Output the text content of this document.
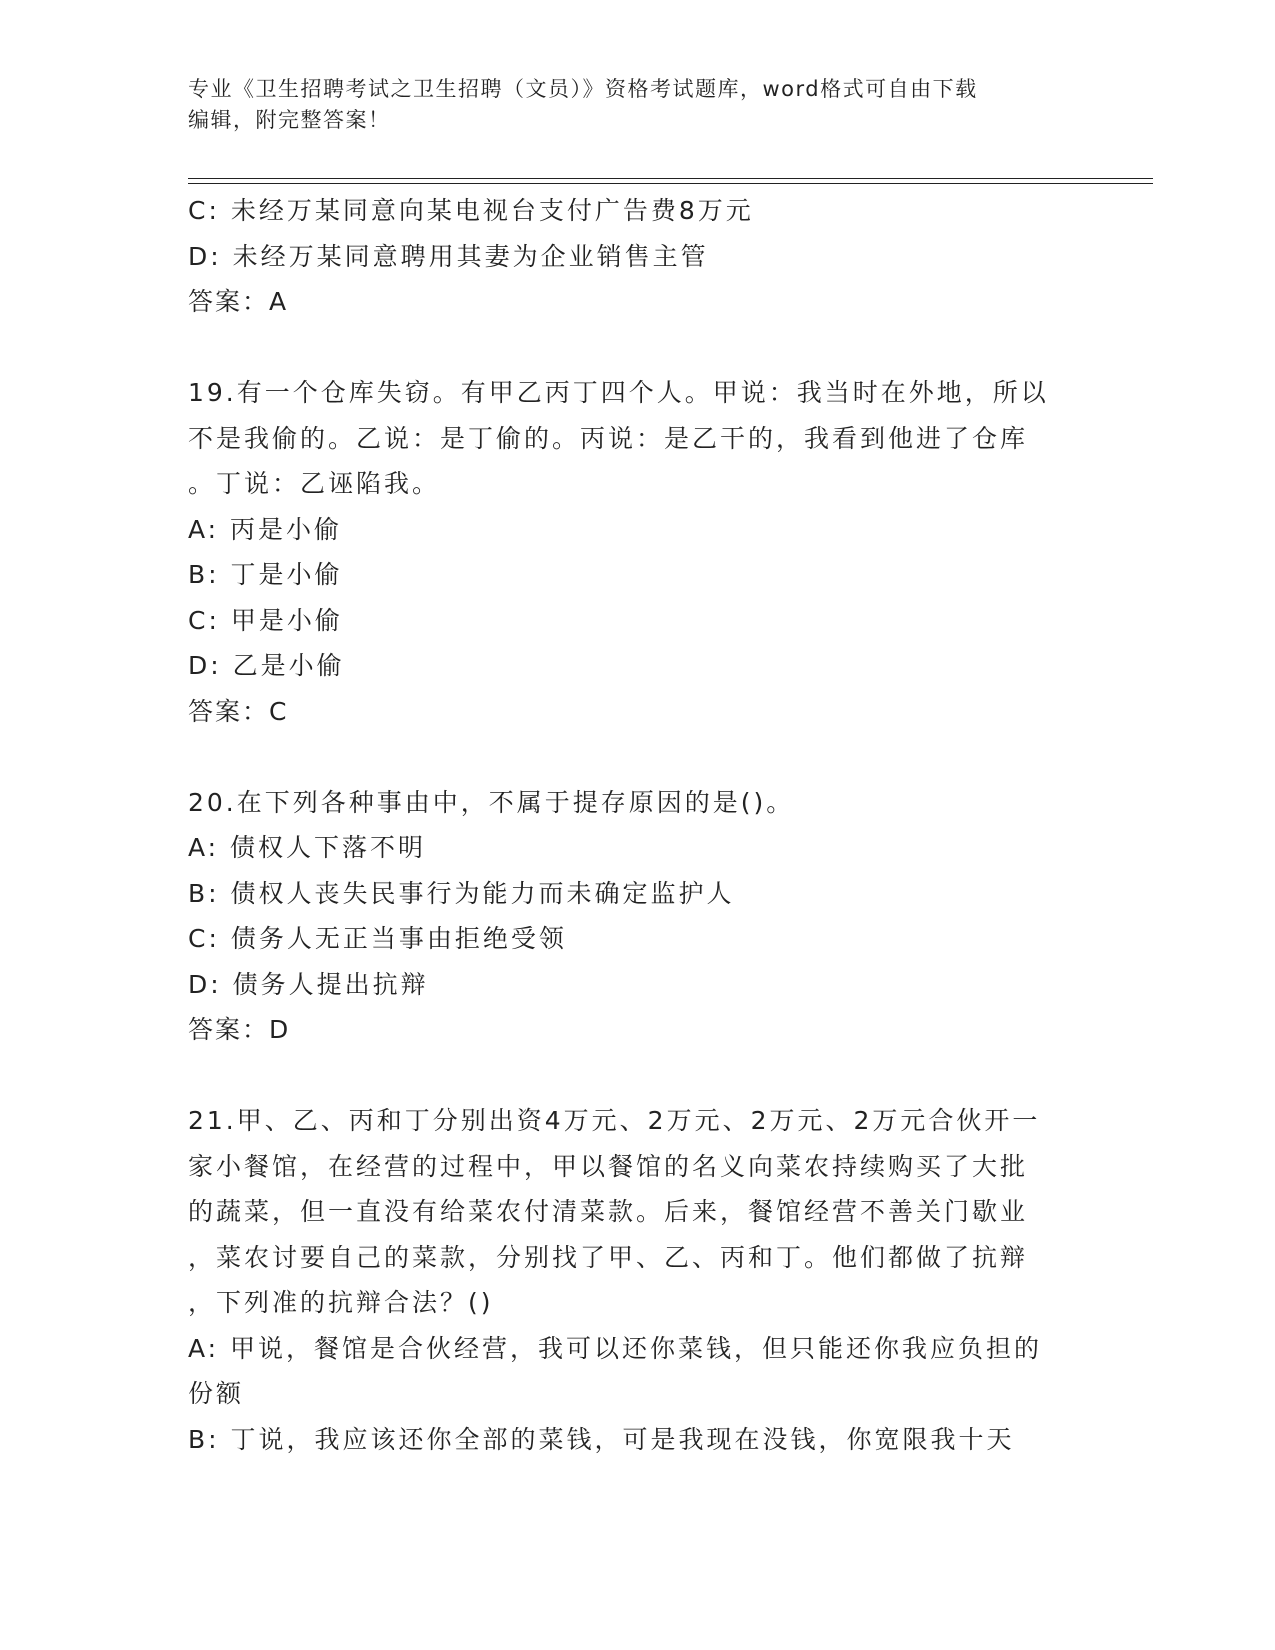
专业《卫生招聘考试之卫生招聘（文员）》资格考试题库，word格式可自由下载
编辑，附完整答案！
C: 未经万某同意向某电视台支付广告费8万元
D: 未经万某同意聘用其妻为企业销售主管
答案：A
19.有一个仓库失窃。有甲乙丙丁四个人。甲说：我当时在外地，所以
不是我偷的。乙说：是丁偷的。丙说：是乙干的，我看到他进了仓库
。丁说：乙诬陷我。
A: 丙是小偷
B: 丁是小偷
C: 甲是小偷
D: 乙是小偷
答案：C
20.在下列各种事由中，不属于提存原因的是()。
A: 债权人下落不明
B: 债权人丧失民事行为能力而未确定监护人
C: 债务人无正当事由拒绝受领
D: 债务人提出抗辩
答案：D
21.甲、乙、丙和丁分别出资4万元、2万元、2万元、2万元合伙开一
家小餐馆，在经营的过程中，甲以餐馆的名义向菜农持续购买了大批
的蔬菜，但一直没有给菜农付清菜款。后来，餐馆经营不善关门歇业
，菜农讨要自己的菜款，分别找了甲、乙、丙和丁。他们都做了抗辩
，下列准的抗辩合法？()
A: 甲说，餐馆是合伙经营，我可以还你菜钱，但只能还你我应负担的
份额
B: 丁说，我应该还你全部的菜钱，可是我现在没钱，你宽限我十天
